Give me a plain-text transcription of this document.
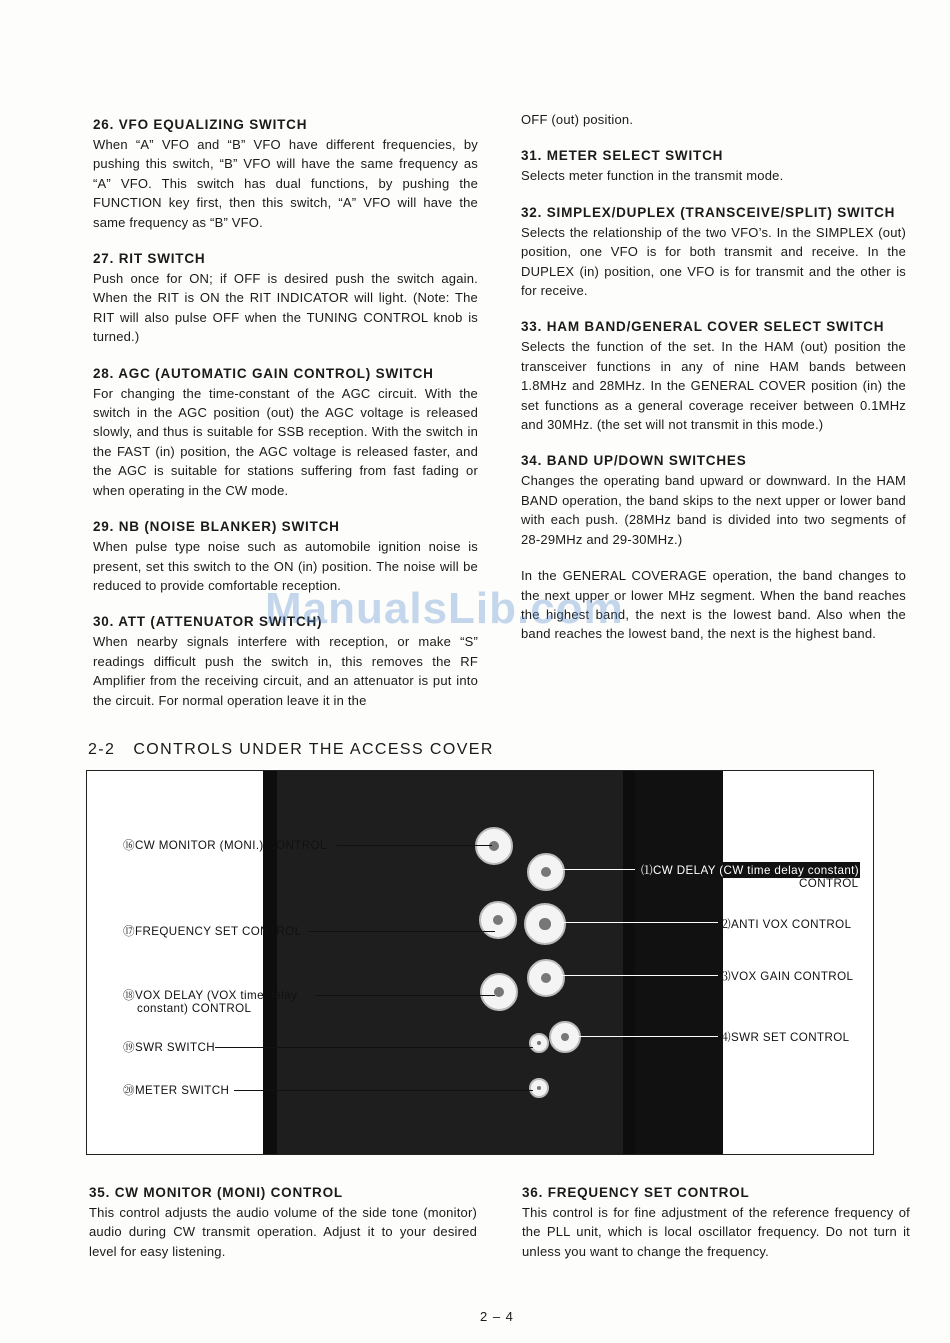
26. VFO EQUALIZING SWITCH

When “A” VFO and “B” VFO have different frequencies, by pushing this switch, “B” VFO will have the same frequency as “A” VFO. This switch has dual functions, by pushing the FUNCTION key first, then this switch, “A” VFO will have the same frequency as “B” VFO.

27. RIT SWITCH

Push once for ON; if OFF is desired push the switch again. When the RIT is ON the RIT INDICATOR will light. (Note: The RIT will also pulse OFF when the TUNING CONTROL knob is turned.)

28. AGC (AUTOMATIC GAIN CONTROL) SWITCH

For changing the time-constant of the AGC circuit. With the switch in the AGC position (out) the AGC voltage is released slowly, and thus is suitable for SSB reception. With the switch in the FAST (in) position, the AGC voltage is released faster, and the AGC is suitable for stations suffering from fast fading or when operating in the CW mode.

29. NB (NOISE BLANKER) SWITCH

When pulse type noise such as automobile ignition noise is present, set this switch to the ON (in) position. The noise will be reduced to provide comfortable reception.

30. ATT (ATTENUATOR SWITCH)

When nearby signals interfere with reception, or make “S” readings difficult push the switch in, this removes the RF Amplifier from the receiving circuit, and an attenuator is put into the circuit. For normal operation leave it in the

OFF (out) position.

31. METER SELECT SWITCH

Selects meter function in the transmit mode.

32. SIMPLEX/DUPLEX (TRANSCEIVE/SPLIT) SWITCH

Selects the relationship of the two VFO’s. In the SIMPLEX (out) position, one VFO is for both transmit and receive. In the DUPLEX (in) position, one VFO is for transmit and the other is for receive.

33. HAM BAND/GENERAL COVER SELECT SWITCH

Selects the function of the set. In the HAM (out) position the transceiver functions in any of nine HAM bands between 1.8MHz and 28MHz. In the GENERAL COVER position (in) the set functions as a general coverage receiver between 0.1MHz and 30MHz. (the set will not transmit in this mode.)

34. BAND UP/DOWN SWITCHES

Changes the operating band upward or downward. In the HAM BAND operation, the band skips to the next upper or lower band with each push. (28MHz band is divided into two segments of 28-29MHz and 29-30MHz.)

In the GENERAL COVERAGE operation, the band changes to the next upper or lower MHz segment. When the band reaches the highest band, the next is the lowest band. Also when the band reaches the lowest band, the next is the highest band.

ManualsLib.com
2-2 CONTROLS UNDER THE ACCESS COVER
⑯CW MONITOR (MONI.) CONTROL
⑰FREQUENCY SET CONTROL
⑱VOX DELAY (VOX time delay
constant) CONTROL
⑲SWR SWITCH
⑳METER SWITCH
⑴CW DELAY (CW time delay constant)
CONTROL
⑵ANTI VOX CONTROL
⑶VOX GAIN CONTROL
⑷SWR SET CONTROL
35. CW MONITOR (MONI) CONTROL

This control adjusts the audio volume of the side tone (monitor) audio during CW transmit operation. Adjust it to your desired level for easy listening.

36. FREQUENCY SET CONTROL

This control is for fine adjustment of the reference frequency of the PLL unit, which is local oscillator frequency. Do not turn it unless you want to change the frequency.

2 – 4
